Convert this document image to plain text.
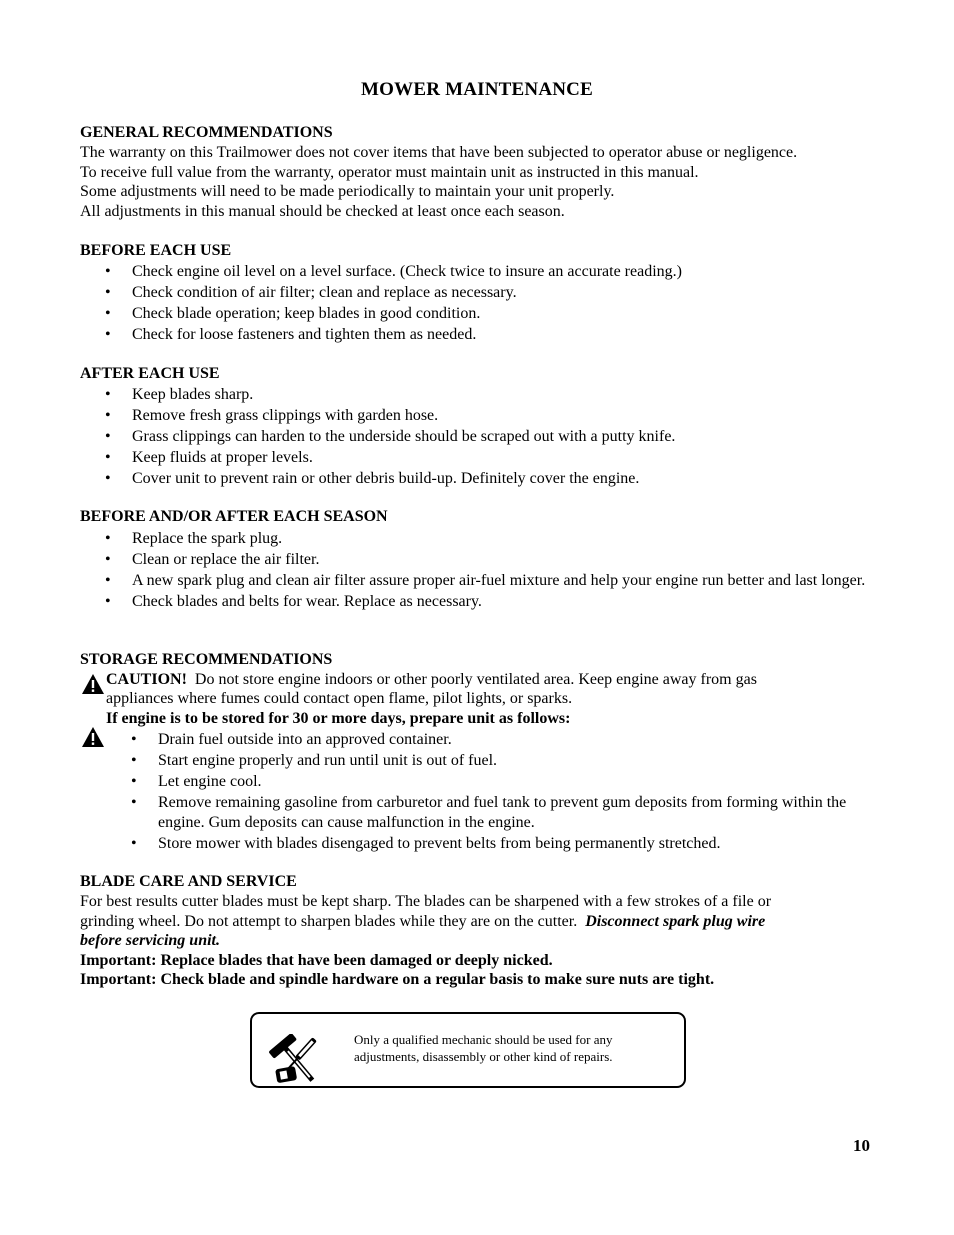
MOWER MAINTENANCE
GENERAL RECOMMENDATIONS
The warranty on this Trailmower does not cover items that have been subjected to operator abuse or negligence.
To receive full value from the warranty, operator must maintain unit as instructed in this manual.
Some adjustments will need to be made periodically to maintain your unit properly.
All adjustments in this manual should be checked at least once each season.
BEFORE EACH USE
• Check engine oil level on a level surface. (Check twice to insure an accurate reading.)
• Check condition of air filter; clean and replace as necessary.
• Check blade operation; keep blades in good condition.
• Check for loose fasteners and tighten them as needed.
AFTER EACH USE
• Keep blades sharp.
• Remove fresh grass clippings with garden hose.
• Grass clippings can harden to the underside should be scraped out with a putty knife.
• Keep fluids at proper levels.
• Cover unit to prevent rain or other debris build-up. Definitely cover the engine.
BEFORE AND/OR AFTER EACH SEASON
• Replace the spark plug.
• Clean or replace the air filter.
• A new spark plug and clean air filter assure proper air-fuel mixture and help your engine run better and last longer.
• Check blades and belts for wear. Replace as necessary.
STORAGE RECOMMENDATIONS
CAUTION! Do not store engine indoors or other poorly ventilated area. Keep engine away from gas
appliances where fumes could contact open flame, pilot lights, or sparks.
If engine is to be stored for 30 or more days, prepare unit as follows:
• Drain fuel outside into an approved container.
• Start engine properly and run until unit is out of fuel.
• Let engine cool.
• Remove remaining gasoline from carburetor and fuel tank to prevent gum deposits from forming within the engine. Gum deposits can cause malfunction in the engine.
• Store mower with blades disengaged to prevent belts from being permanently stretched.
BLADE CARE AND SERVICE
For best results cutter blades must be kept sharp. The blades can be sharpened with a few strokes of a file or
grinding wheel. Do not attempt to sharpen blades while they are on the cutter. Disconnect spark plug wire
before servicing unit.
Important: Replace blades that have been damaged or deeply nicked.
Important: Check blade and spindle hardware on a regular basis to make sure nuts are tight.
Only a qualified mechanic should be used for any adjustments, disassembly or other kind of repairs.
10
